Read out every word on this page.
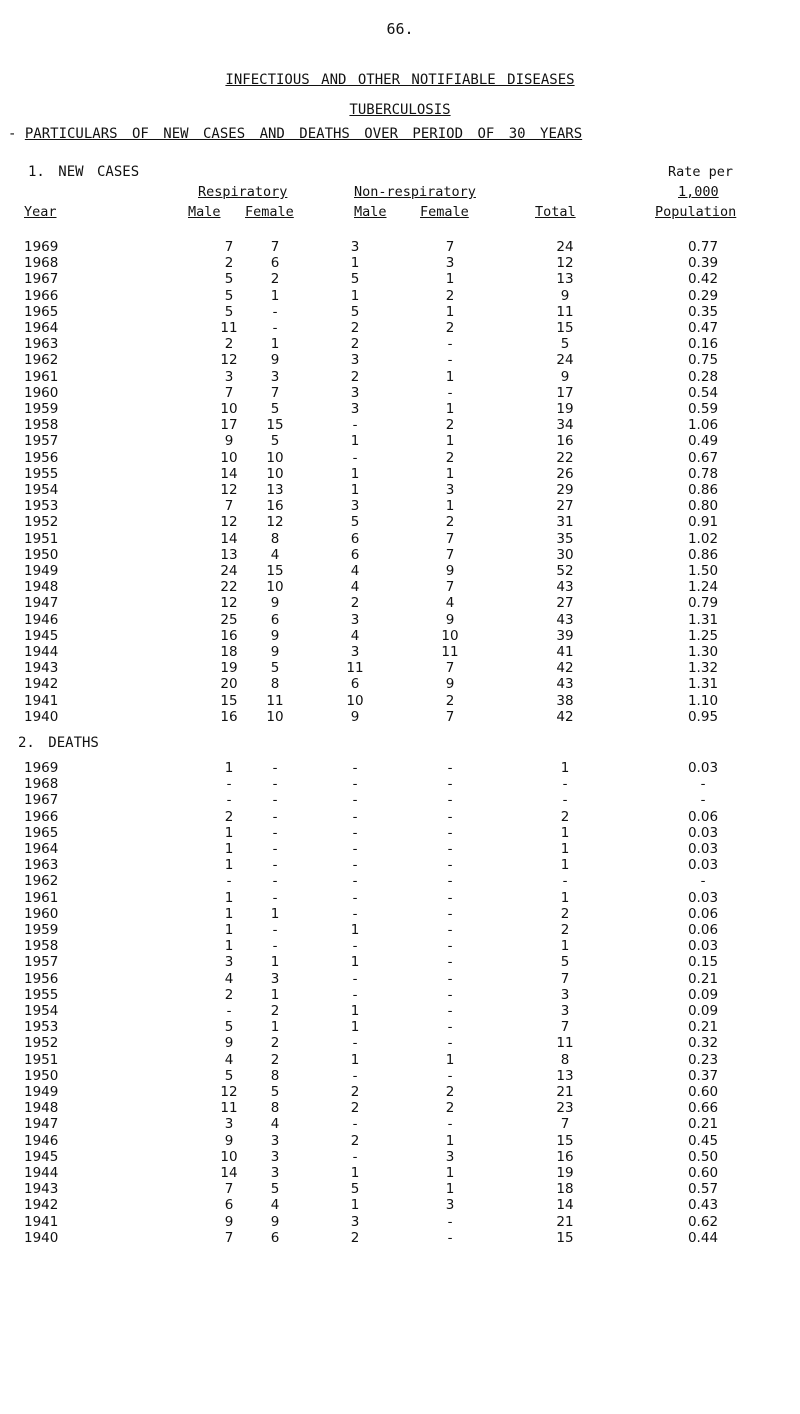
66.
INFECTIOUS AND OTHER NOTIFIABLE DISEASES
TUBERCULOSIS
- PARTICULARS OF NEW CASES AND DEATHS OVER PERIOD OF 30 YEARS
1. NEW CASES
Respiratory	Non-respiratory
Rate per
1,000
Year	Male Female	Male Female	Total	Population
1969	7	7	3	7	24	0.77
1968	2	6	1	3	12	0.39
1967	5	2	5	1	13	0.42
1966	5	1	1	2	9	0.29
1965	5	-	5	1	11	0.35
1964	11	-	2	2	15	0.47
1963	2	1	2	-	5	0.16
1962	12	9	3	-	24	0.75
1961	3	3	2	1	9	0.28
1960	7	7	3	-	17	0.54
1959	10	5	3	1	19	0.59
1958	17	15	-	2	34	1.06
1957	9	5	1	1	16	0.49
1956	10	10	-	2	22	0.67
1955	14	10	1	1	26	0.78
1954	12	13	1	3	29	0.86
1953	7	16	3	1	27	0.80
1952	12	12	5	2	31	0.91
1951	14	8	6	7	35	1.02
1950	13	4	6	7	30	0.86
1949	24	15	4	9	52	1.50
1948	22	10	4	7	43	1.24
1947	12	9	2	4	27	0.79
1946	25	6	3	9	43	1.31
1945	16	9	4	10	39	1.25
1944	18	9	3	11	41	1.30
1943	19	5	11	7	42	1.32
1942	20	8	6	9	43	1.31
1941	15	11	10	2	38	1.10
1940	16	10	9	7	42	0.95
2. DEATHS
1969	1	-	-	-	1	0.03
1968	-	-	-	-	-	-
1967	-	-	-	-	-	-
1966	2	-	-	-	2	0.06
1965	1	-	-	-	1	0.03
1964	1	-	-	-	1	0.03
1963	1	-	-	-	1	0.03
1962	-	-	-	-	-	-
1961	1	-	-	-	1	0.03
1960	1	1	-	-	2	0.06
1959	1	-	1	-	2	0.06
1958	1	-	-	-	1	0.03
1957	3	1	1	-	5	0.15
1956	4	3	-	-	7	0.21
1955	2	1	-	-	3	0.09
1954	-	2	1	-	3	0.09
1953	5	1	1	-	7	0.21
1952	9	2	-	-	11	0.32
1951	4	2	1	1	8	0.23
1950	5	8	-	-	13	0.37
1949	12	5	2	2	21	0.60
1948	11	8	2	2	23	0.66
1947	3	4	-	-	7	0.21
1946	9	3	2	1	15	0.45
1945	10	3	-	3	16	0.50
1944	14	3	1	1	19	0.60
1943	7	5	5	1	18	0.57
1942	6	4	1	3	14	0.43
1941	9	9	3	-	21	0.62
1940	7	6	2	-	15	0.44
